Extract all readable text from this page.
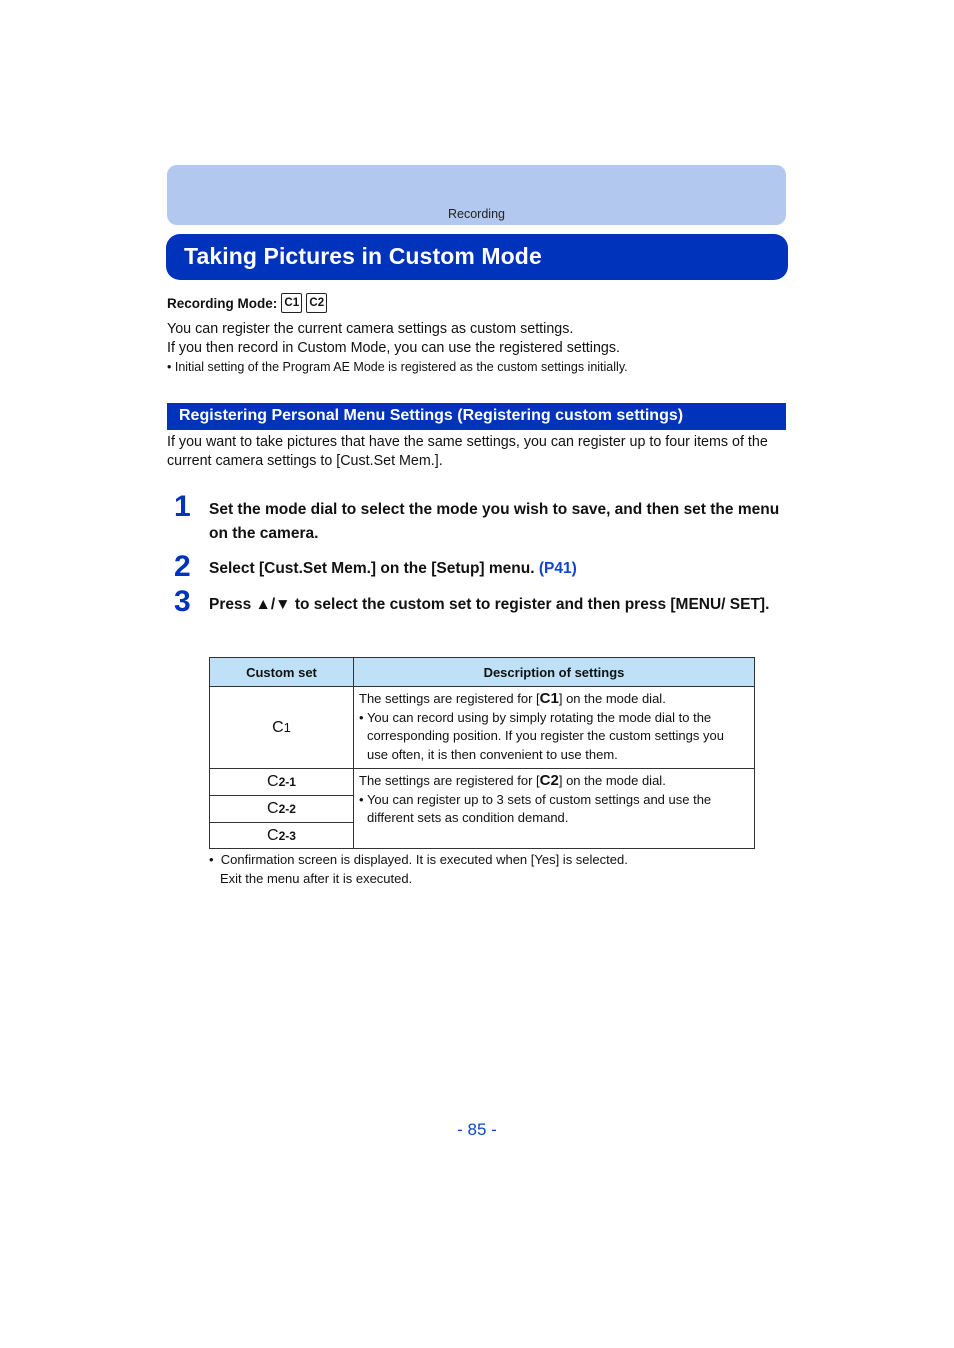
Recording
Taking Pictures in Custom Mode
Recording Mode: C1 C2
You can register the current camera settings as custom settings.
If you then record in Custom Mode, you can use the registered settings.
• Initial setting of the Program AE Mode is registered as the custom settings initially.
Registering Personal Menu Settings (Registering custom settings)
If you want to take pictures that have the same settings, you can register up to four items of the current camera settings to [Cust.Set Mem.].
1 Set the mode dial to select the mode you wish to save, and then set the menu on the camera.
2 Select [Cust.Set Mem.] on the [Setup] menu. (P41)
3 Press ▲/▼ to select the custom set to register and then press [MENU/ SET].
Custom set	Description of settings
C1	The settings are registered for [C1] on the mode dial.
• You can record using by simply rotating the mode dial to the corresponding position. If you register the custom settings you use often, it is then convenient to use them.

C2-1	The settings are registered for [C2] on the mode dial.
• You can register up to 3 sets of custom settings and use the different sets as condition demand.

C2-2	
C2-3	
•  Confirmation screen is displayed. It is executed when [Yes] is selected.
Exit the menu after it is executed.
- 85 -
